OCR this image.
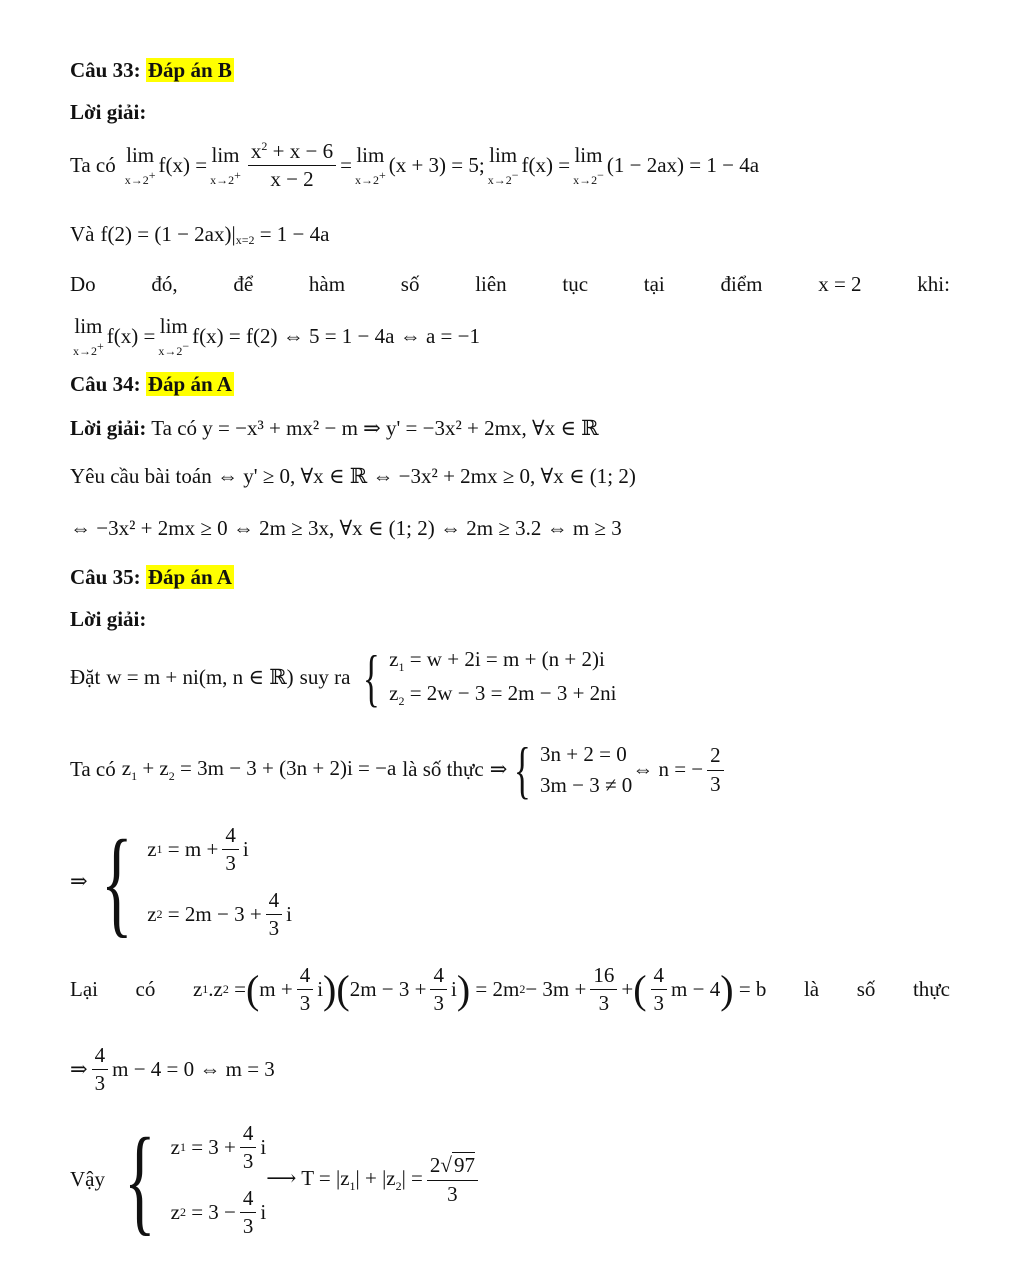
Câu 33: Đáp án B
Lời giải:
Ta có lim
x→2+ f(x) = lim
$x\to 2^+ \frac{x^2 + x - 6}{x - 2} = \lim$
x→2+ (x + 3) = 5; lim
x→2− f(x) = lim
x→2− (1 − 2ax) = 1 − 4a
Và f(2) = (1 − 2ax)| x=2 = 1 − 4a
Do	đó,	để	hàm	số	liên	tục	tại	điểm	x = 2	khi:
lim
x→2+ f(x) = lim
x→2− f(x) = f(2) ⇔ 5 = 1 − 4a ⇔ a = −1
Câu 34: Đáp án A
Lời giải: Ta có y = −x³ + mx² − m ⇒ y' = −3x² + 2mx, ∀x ∈ ℝ
Yêu cầu bài toán ⇔ y' ≥ 0, ∀x ∈ ℝ ⇔ −3x² + 2mx ≥ 0, ∀x ∈ (1; 2)
⇔ −3x² + 2mx ≥ 0 ⇔ 2m ≥ 3x, ∀x ∈ (1; 2) ⇔ 2m ≥ 3.2 ⇔ m ≥ 3
Câu 35: Đáp án A
Lời giải:
Đặt w = m + ni(m, n ∈ ℝ) suy ra { $z_1 = w + 2i = m + (n + 2)i$
$z_2 = 2w - 3 = 2m - 3 + 2ni$
Ta có $z_1 + z_2 = 3m - 3 + (3n + 2)i = -a$ là số thực ⇒ { 3n + 2 = 0
3m − 3 ≠ 0
⇔ n = − $\frac{2}{3}$
⇒ { z $1 = m + \frac{4}{3}$ i
z $2 = 2m - 3 + \frac{4}{3}$ i
Lại có z 1 .z 2 = ( $m + \frac{4}{3}$ i ) ( $2m - 3 + \frac{4}{3}$ i ) = 2m $2 - 3m + \frac{16}{3}$ + ( $\frac{4}{3}$ m − 4 ) = b là số thực
⇒ $\frac{4}{3}$ m − 4 = 0 ⇔ m = 3
Vậy { z $1 = 3 + \frac{4}{3}$ i
z $2 = 3 - \frac{4}{3}$ i
⟶ $T = |z_1| + |z_2| = \frac{2√97}{3}$
